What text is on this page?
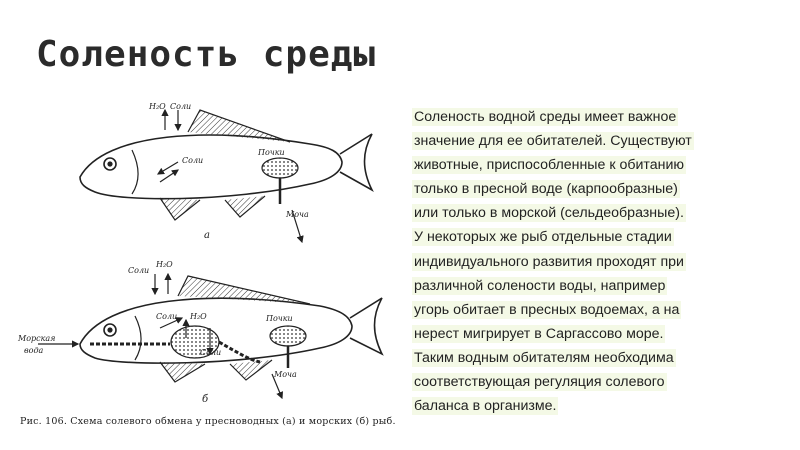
Соленость среды
H₂O Соли
Соли
Почки
Моча
а
Соли
H₂O
Соли H₂O
Соли
Почки
Моча
Морская
вода
б
Рис. 106. Схема солевого обмена у пресноводных (а) и морских (б) рыб.
Соленость водной среды имеет важное
значение для ее обитателей. Существуют
животные, приспособленные к обитанию
только в пресной воде (карпообразные)
или только в морской (сельдеобразные).
У некоторых же рыб отдельные стадии
индивидуального развития проходят при
различной солености воды, например
угорь обитает в пресных водоемах, а на
нерест мигрирует в Саргассово море.
Таким водным обитателям необходима
соответствующая регуляция солевого
баланса в организме.
